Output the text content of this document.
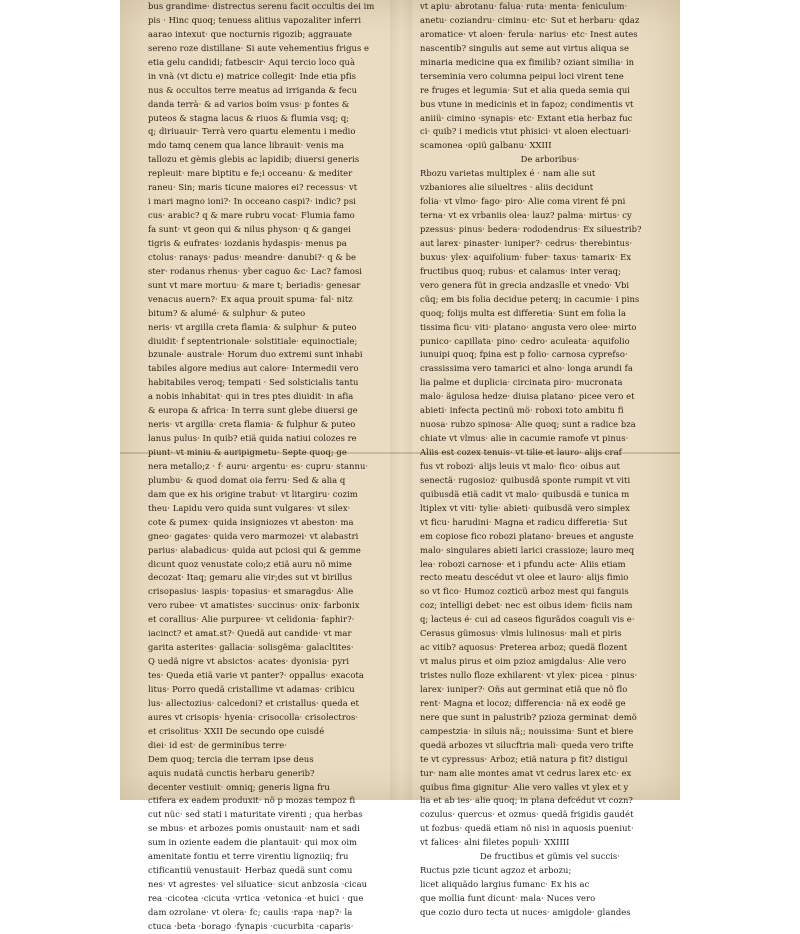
bus grandime· distrectus serenu facit occultis dei im
pis · Hinc quoq; tenuess alitius vapozaliter inferri
aarao intexut· que nocturnis rigozib; aggrauate
sereno roze distillane· Si aute vehementius frigus e
etia gelu candidi; fatbescir· Aqui tercio loco quà
in vnà (vt dictu e) matrice collegit· Inde etia pfis
nus & occultos terre meatus ad irriganda & fecu
danda terrà· & ad varios boim vsus· p fontes &
puteos & stagna lacus & riuos & flumia vsq; q;
q; diriuauir· Terrà vero quartu elementu i medio
mdo tamq cenem qua lance librauit· venis ma
tallozu et gèmis glebis ac lapidib; diuersi generis
repleuit· mare biptitu e fe;i occeanu· & mediter
raneu· Sin; maris ticune maiores ei? recessus· vt
i mari magno ioni?· In occeano caspi?· indic? psi
cus· arabic? q & mare rubru vocat· Flumia famo
fa sunt· vt geon qui & nilus physon· q & gangei
tigris & eufrates· iozdanis hydaspis· menus pa
ctolus· ranays· padus· meandre· danubi?· q & be
ster· rodanus rhenus· yber caguo &c· Lac? famosi
sunt vt mare mortuu· & mare t; beriadis· genesar
venacus auern?· Ex aqua prouit spuma· fal· nitz
bitum? & alumé· & sulphur· & puteo
neris· vt argilla creta flamia· & sulphur· & puteo
diuidit· f septentrionale· solstitiale· equinoctiale;
bzunale· australe· Horum duo extremi sunt inhabi
tabiles algore medius aut calore· Intermedii vero
habitabiles veroq; tempati · Sed solsticialis tantu
a nobis inhabitat· qui in tres ptes diuidit· in afia
& europa & africa· In terra sunt glebe diuersi ge
neris· vt argilla· creta flamia· & fulphur & puteo
lanus pulus· In quib? etiä quida natiui colozes re
piunt· vt miniu & auripigmetu· Septe quoq; ge
nera metallo;z · f· auru· argentu· es· cupru· stannu·
plumbu· & quod domat oia ferru· Sed & alia q
dam que ex his origine trabut· vt litargiru· cozim
theu· Lapidu vero quida sunt vulgares· vt silex·
cote & pumex· quida insigniozes vt abeston· ma
gneo· gagates· quida vero marmozei· vt alabastri
parius· alabadicus· quida aut pciosi qui & gemme
dicunt quoz venustate colo;z etiä auru nö mime
decozat· Itaq; gemaru alie vir;des sut vt birillus
crisopasius· iaspis· topasius· et smaragdus· Alie
vero rubee· vt amatistes· succinus· onix· farbonix
et corallius· Alie purpuree· vt celidonia· faphir?·
iacinct? et amat.st?· Quedä aut candide· vt mar
garita asterites· gallacia· solisgëma· galacltites·
Q uedä nigre vt absictos· acates· dyonisia· pyri
tes· Queda etiä varie vt panter?· oppallus· exacota
litus· Porro quedä cristallime vt adamas· cribicu
lus· allectozius· calcedoni? et cristallus· queda et
aures vt crisopis· hyenia· crisocolla· crisolectros·
et crisolitus· XXII De secundo ope cuisdé
diei· id est· de germinibus terre·
Dem quoq; tercia die terram ipse deus
aquis nudatä cunctis herbaru generib?
decenter vestiuit· omniq; generis ligna fru
ctifera ex eadem produxit· nö p mozas tempoz fi
cut nüc· sed stati i maturitate virenti ; qua herbas
se mbus· et arbozes pomis onustauit· nam et sadi
sum in oziente eadem die plantauit· qui mox oim
amenitate fontiu et terre virentiu lignoziiq; fru
ctificantiü venustauit· Herbaz quedä sunt comu
nes· vt agrestes· vel siluatice· sicut anbzosia ·cicau
rea ·cicotea ·cicuta ·vrtica ·vetonica ·et huici · que
dam ozrolane· vt olera· fc; caulis ·rapa ·nap?· la
ctuca ·beta ·borago ·fynapis ·cucurbita ·caparis·
vt apiu· abrotanu· falua· ruta· menta· feniculum·
anetu· coziandru· ciminu· etc· Sut et herbaru· qdaz
aromatice· vt aloen· ferula· narius· etc· Inest autes
nascentib? singulis aut seme aut virtus aliqua se
minaria medicine qua ex fimilib? oziant similia· in
terseminia vero columna peipui loci virent tene
re fruges et legumia· Sut et alia queda semia qui
bus vtune in medicinis et in fapoz; condimentis vt
aniiü· cimino ·synapis· etc· Extant etia herbaz fuc
ci· quib? i medicis vtut phisici· vt aloen electuari·
scamonea ·opiü galbanu· XXIII
De arboribus·
Rbozu varietas multiplex é · nam alie sut
vzbaniores alie silueltres · aliis decidunt
folia· vt vlmo· fago· piro· Alie coma virent fé pni
terna· vt ex vrbaniis olea· lauz? palma· mirtus· cy
pzessus· pinus· bedera· rododendrus· Ex siluestrib?
aut larex· pinaster· iuniper?· cedrus· therebintus·
buxus· ylex· aquifolium· fuber· taxus· tamarix· Ex
fructibus quoq; rubus· et calamus· inter veraq;
vero genera füt in grecia andzaslle et vnedo· Vbi
cüq; em bis folia decidue peterq; in cacumie· i pins
quoq; folijs multa est differetia· Sunt em folia la
tissima ficu· viti· platano· angusta vero olee· mirto
punico· capillata· pino· cedro· aculeata· aquifolio
iunuipi quoq; fpina est p folio· carnosa cyprefso·
crassissima vero tamarici et alno· longa arundi fa
lia palme et duplicia· circinata piro· mucronata
malo· ägulosa hedze· diuisa platano· picee vero et
abieti· infecta pectinü mö· roboxi toto ambitu fi
nuosa· rubzo spinosa· Alie quoq; sunt a radice bza
chiate vt vlmus· alie in cacumie ramofe vt pinus·
Aliis est cozex tenuis· vt tilie et lauro· alijs craf
fus vt robozi· alijs leuis vt malo· fico· oibus aut
senectä· rugosioz· quibusdä sponte rumpit vt viti
quibusdä etiä cadit vt malo· quibusdä e tunica m
ltiplex vt viti· tylie· abieti· quibusdä vero simplex
vt ficu· harudini· Magna et radicu differetia· Sut
em copiose fico robozi platano· breues et anguste
malo· singulares abieti larici crassioze; lauro meq
lea· robozi carnose· et i pfundu acte· Aliis etiam
recto meatu descédut vt olee et lauro· alijs fimio
so vt fico· Humoz cozticü arboz mest qui fanguis
coz; intelligi debet· nec est oibus idem· ficiis nam
q; lacteus é· cui ad caseos figurädos coaguli vis e·
Cerasus gümosus· vlmis lulinosus· mali et piris
ac vitib? aquosus· Preterea arboz; quedä flozent
vt malus pirus et oim pzioz amigdalus· Alie vero
tristes nullo floze exhilarent· vt ylex· picea · pinus·
larex· iuniper?· Oñs aut germinat etiä que nö flo
rent· Magna et locoz; differencia· nä ex eodë ge
nere que sunt in palustrib? pzioza germinat· demö
campestzia· in siluis nä;; nouissima· Sunt et biere
quedä arbozes vt silucftria mali· queda vero trifte
te vt cypressus· Arboz; etiä natura p fit? distigui
tur· nam alie montes amat vt cedrus larex etc· ex
quibus fima gignitur· Alie vero valles vt ylex et y
lia et ab ies· alie quoq; in plana defcédut vt cozn?
cozulus· quercus· et ozmus· quedä frigidis gaudét
ut fozbus· quedä etiam nö nisi in aquosis pueniut·
vt falices· alni filetes populi· XXIIII
De fructibus et gümis vel succis·
Ructus pzie ticunt agzoz et arbozu;
licet aliquädo largius fumanc· Ex his ac
que mollia funt dicunt· mala· Nuces vero
que cozio duro tecta ut nuces· amigdole· glandes
